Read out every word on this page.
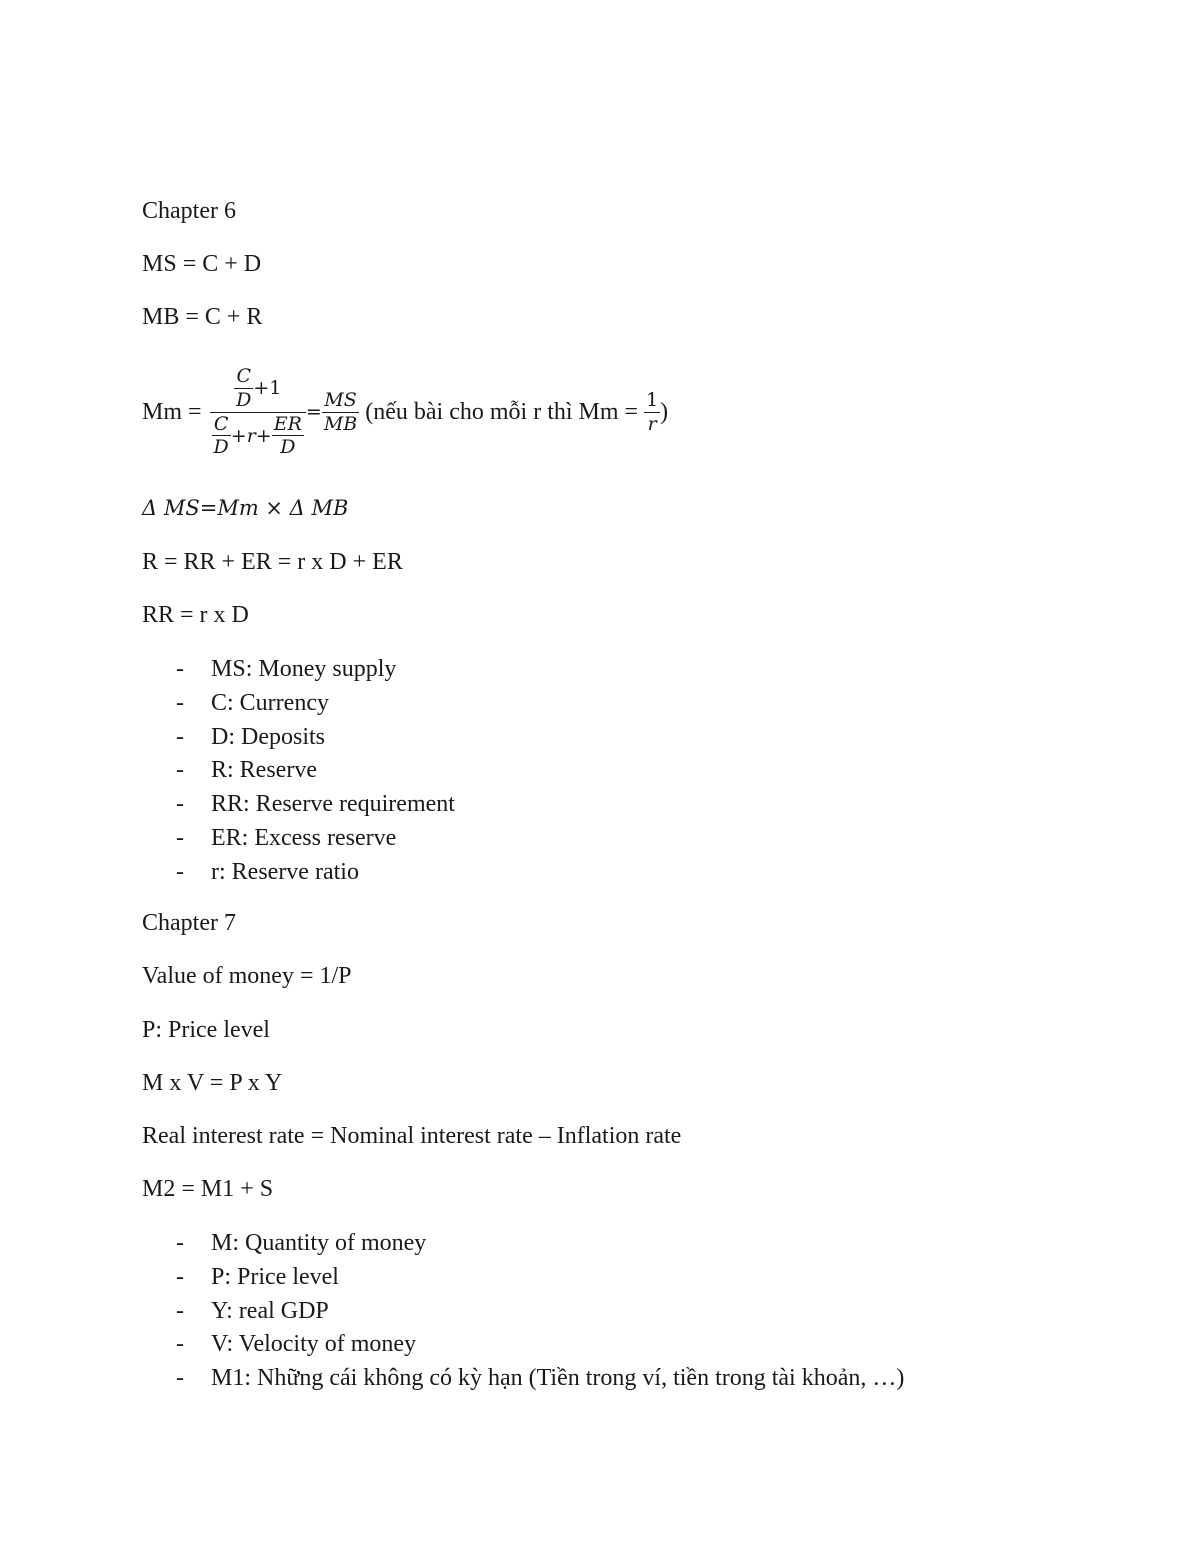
Chapter 6
MS = C + D
MB = C + R
Mm =
$\frac{C}{D} +1$
$\frac{C}{D} +r+ \frac{ER}{D}$
= $\frac{MS}{MB}$ (nếu bài cho mỗi r thì $Mm = \frac{1}{r}$ )
Δ MS=Mm × Δ MB
R = RR + ER = r x D + ER
RR = r x D
- MS: Money supply
- C: Currency
- D: Deposits
- R: Reserve
- RR: Reserve requirement
- ER: Excess reserve
- r: Reserve ratio
Chapter 7
Value of money = 1/P
P: Price level
M x V = P x Y
Real interest rate = Nominal interest rate – Inflation rate
M2 = M1 + S
- M: Quantity of money
- P: Price level
- Y: real GDP
- V: Velocity of money
- M1: Những cái không có kỳ hạn (Tiền trong ví, tiền trong tài khoản, …)
